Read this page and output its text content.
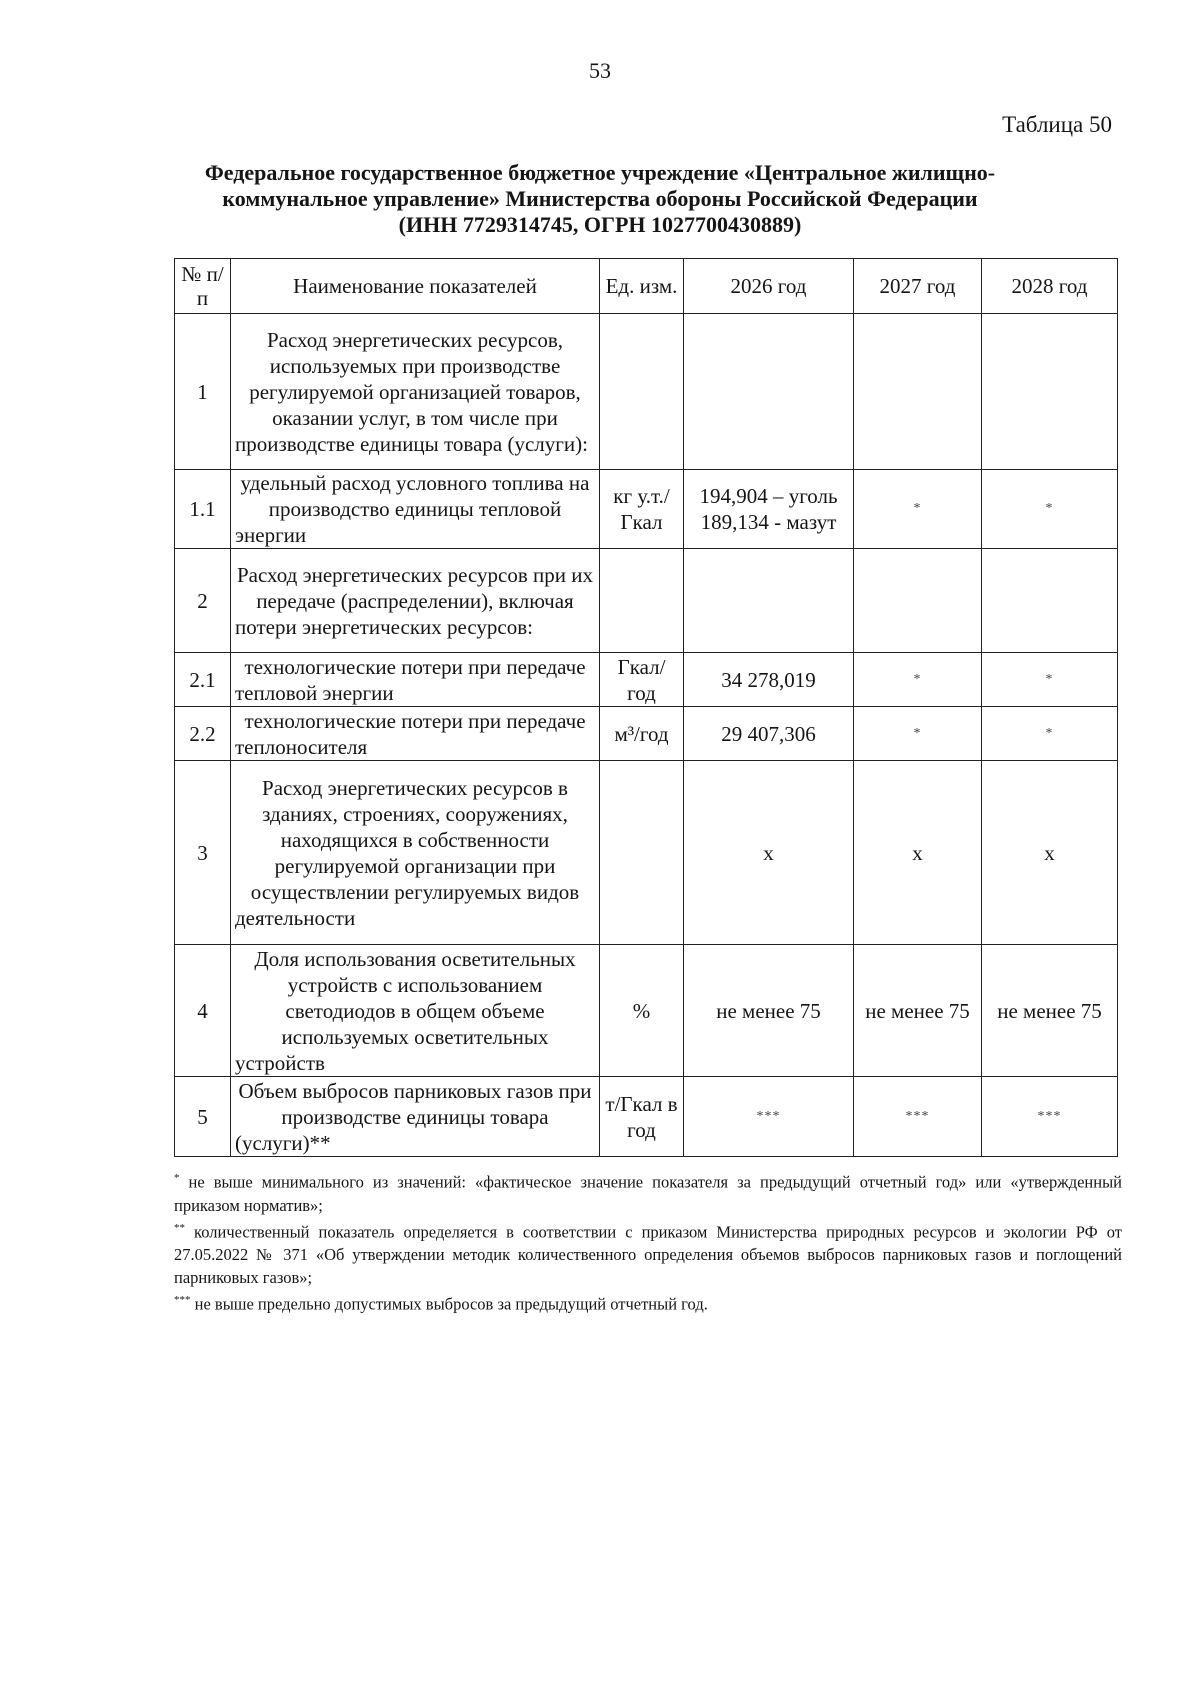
53
Таблица 50
Федеральное государственное бюджетное учреждение «Центральное жилищно-
коммунальное управление» Министерства обороны Российской Федерации
(ИНН 7729314745, ОГРН 1027700430889)
№ п/п	Наименование показателей	Ед. изм.	2026 год	2027 год	2028 год
1	Расход энергетических ресурсов, используемых при производстве регулируемой организацией товаров, оказании услуг, в том числе при производстве единицы товара (услуги):				
1.1	удельный расход условного топлива на производство единицы тепловой энергии	кг у.т./ Гкал	194,904 – уголь 189,134 - мазут	*	*
2	Расход энергетических ресурсов при их передаче (распределении), включая потери энергетических ресурсов:				
2.1	технологические потери при передаче тепловой энергии	Гкал/ год	34 278,019	*	*
2.2	технологические потери при передаче теплоносителя	м³/год	29 407,306	*	*
3	Расход энергетических ресурсов в зданиях, строениях, сооружениях, находящихся в собственности регулируемой организации при осуществлении регулируемых видов деятельности		x	x	x
4	Доля использования осветительных устройств с использованием светодиодов в общем объеме используемых осветительных устройств	%	не менее 75	не менее 75	не менее 75
5	Объем выбросов парниковых газов при производстве единицы товара (услуги)**	т/Гкал в год	***	***	***

* не выше минимального из значений: «фактическое значение показателя за предыдущий отчетный год» или «утвержденный приказом норматив»;

** количественный показатель определяется в соответствии с приказом Министерства природных ресурсов и экологии РФ от 27.05.2022 № 371 «Об утверждении методик количественного определения объемов выбросов парниковых газов и поглощений парниковых газов»;

*** не выше предельно допустимых выбросов за предыдущий отчетный год.
